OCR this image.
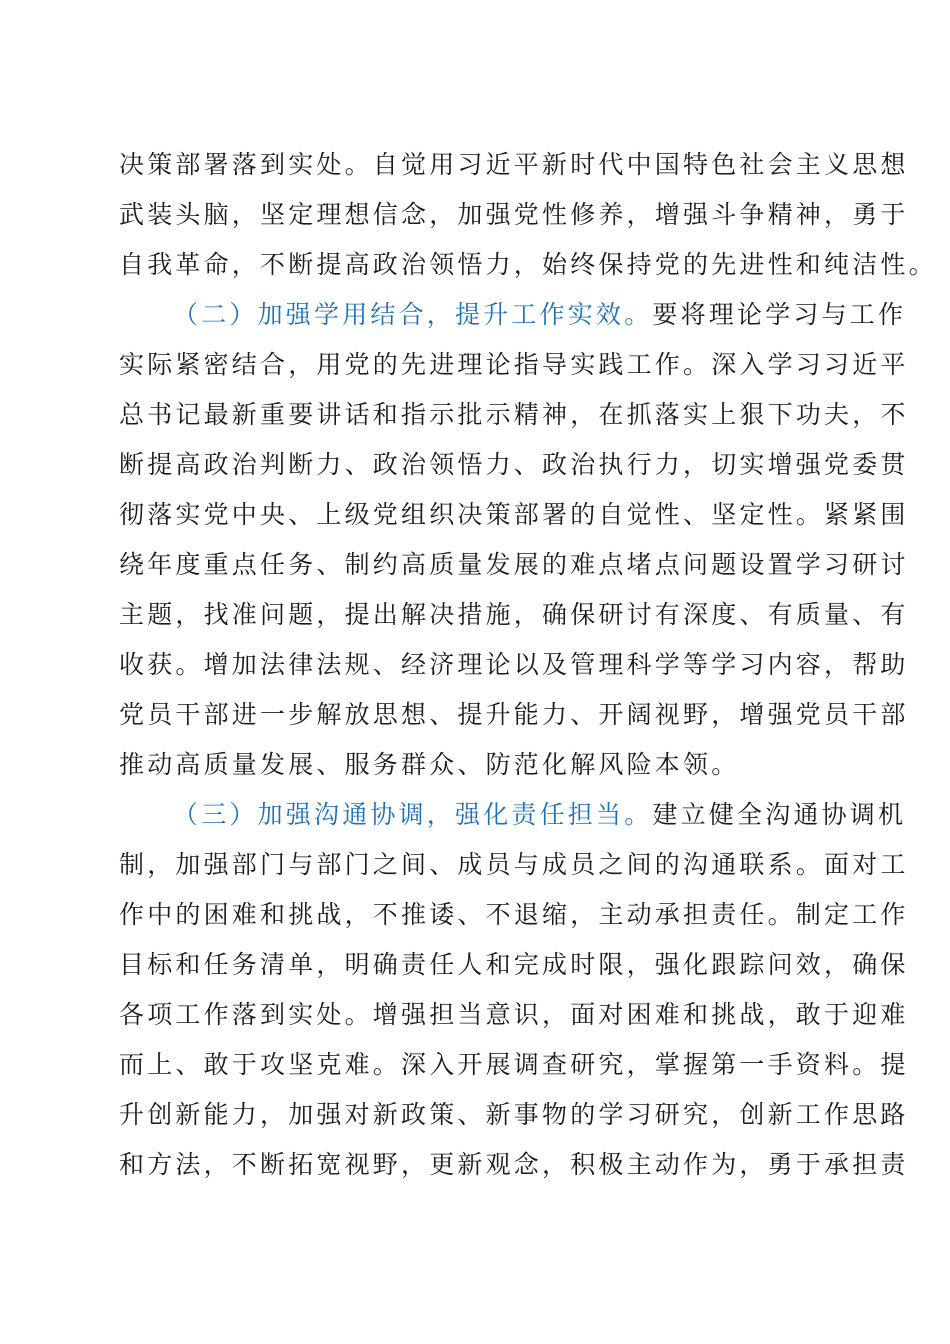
决策部署落到实处。自觉用习近平新时代中国特色社会主义思想
武装头脑，坚定理想信念，加强党性修养，增强斗争精神，勇于
自我革命，不断提高政治领悟力，始终保持党的先进性和纯洁性。
（二）加强学用结合，提升工作实效。要将理论学习与工作
实际紧密结合，用党的先进理论指导实践工作。深入学习习近平
总书记最新重要讲话和指示批示精神，在抓落实上狠下功夫，不
断提高政治判断力、政治领悟力、政治执行力，切实增强党委贯
彻落实党中央、上级党组织决策部署的自觉性、坚定性。紧紧围
绕年度重点任务、制约高质量发展的难点堵点问题设置学习研讨
主题，找准问题，提出解决措施，确保研讨有深度、有质量、有
收获。增加法律法规、经济理论以及管理科学等学习内容，帮助
党员干部进一步解放思想、提升能力、开阔视野，增强党员干部
推动高质量发展、服务群众、防范化解风险本领。
（三）加强沟通协调，强化责任担当。建立健全沟通协调机
制，加强部门与部门之间、成员与成员之间的沟通联系。面对工
作中的困难和挑战，不推诿、不退缩，主动承担责任。制定工作
目标和任务清单，明确责任人和完成时限，强化跟踪问效，确保
各项工作落到实处。增强担当意识，面对困难和挑战，敢于迎难
而上、敢于攻坚克难。深入开展调查研究，掌握第一手资料。提
升创新能力，加强对新政策、新事物的学习研究，创新工作思路
和方法，不断拓宽视野，更新观念，积极主动作为，勇于承担责
